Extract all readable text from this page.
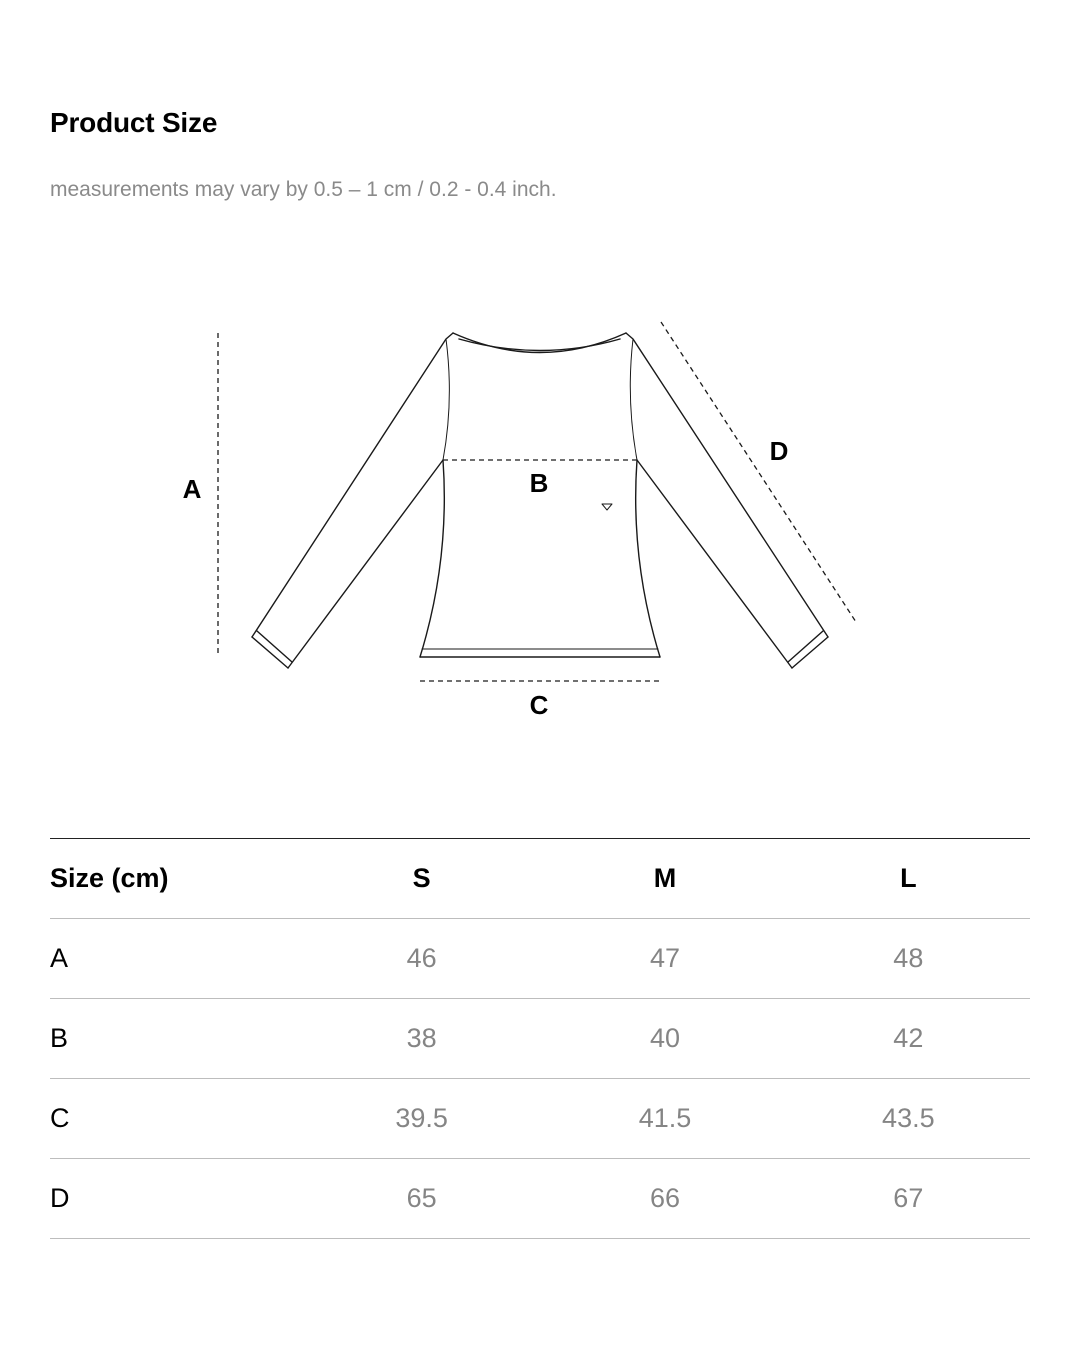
Product Size
measurements may vary by 0.5 – 1 cm / 0.2 - 0.4 inch.
A	B
C
D
Size (cm)	S	M	L
A	46	47	48
B	38	40	42
C	39.5	41.5	43.5
D	65	66	67
